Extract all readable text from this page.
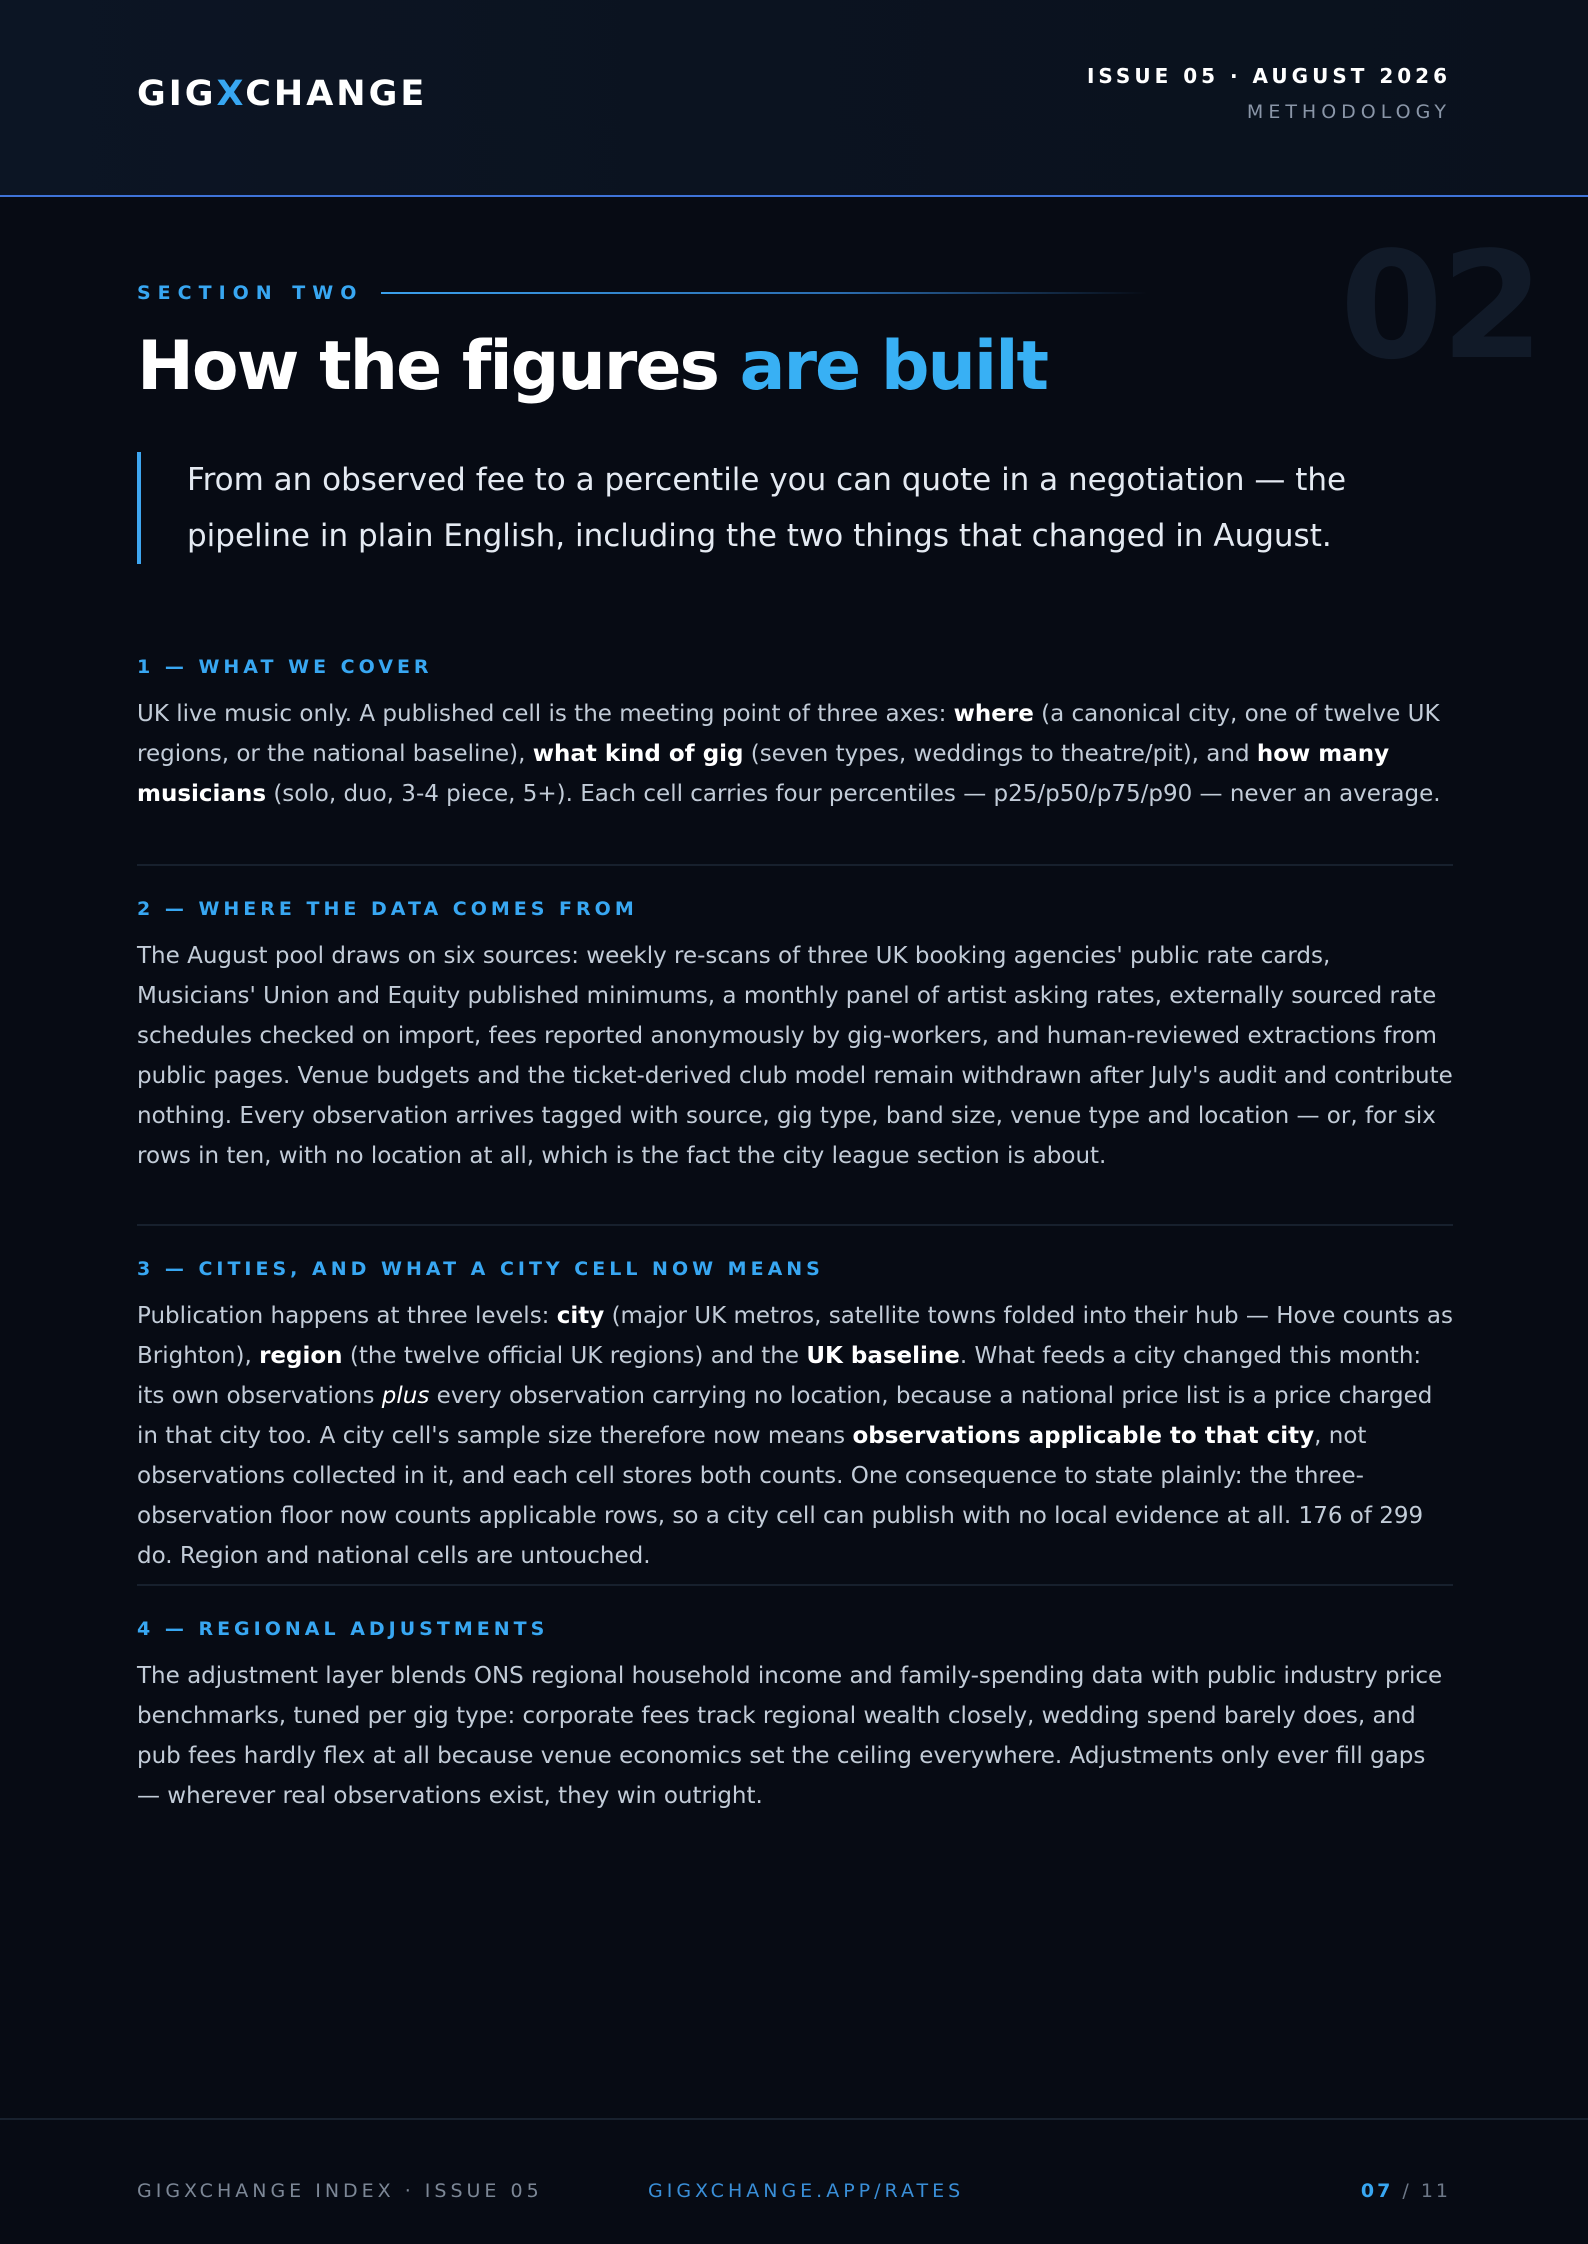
GIGXCHANGE	ISSUE 05 · AUGUST 2026
METHODOLOGY
02
SECTION TWO
How the figures are built
From an observed fee to a percentile you can quote in a negotiation — the pipeline in plain English, including the two things that changed in August.
1 — WHAT WE COVER

UK live music only. A published cell is the meeting point of three axes: where (a canonical city, one of twelve UK regions, or the national baseline), what kind of gig (seven types, weddings to theatre/pit), and how many musicians (solo, duo, 3-4 piece, 5+). Each cell carries four percentiles — p25/p50/p75/p90 — never an average.

2 — WHERE THE DATA COMES FROM

The August pool draws on six sources: weekly re-scans of three UK booking agencies' public rate cards, Musicians' Union and Equity published minimums, a monthly panel of artist asking rates, externally sourced rate schedules checked on import, fees reported anonymously by gig-workers, and human-reviewed extractions from public pages. Venue budgets and the ticket-derived club model remain withdrawn after July's audit and contribute nothing. Every observation arrives tagged with source, gig type, band size, venue type and location — or, for six rows in ten, with no location at all, which is the fact the city league section is about.

3 — CITIES, AND WHAT A CITY CELL NOW MEANS

Publication happens at three levels: city (major UK metros, satellite towns folded into their hub — Hove counts as Brighton), region (the twelve official UK regions) and the UK baseline. What feeds a city changed this month: its own observations plus every observation carrying no location, because a national price list is a price charged in that city too. A city cell's sample size therefore now means observations applicable to that city, not observations collected in it, and each cell stores both counts. One consequence to state plainly: the three-observation floor now counts applicable rows, so a city cell can publish with no local evidence at all. 176 of 299 do. Region and national cells are untouched.

4 — REGIONAL ADJUSTMENTS

The adjustment layer blends ONS regional household income and family-spending data with public industry price benchmarks, tuned per gig type: corporate fees track regional wealth closely, wedding spend barely does, and pub fees hardly flex at all because venue economics set the ceiling everywhere. Adjustments only ever fill gaps — wherever real observations exist, they win outright.

GIGXCHANGE INDEX · ISSUE 05	GIGXCHANGE.APP/RATES	07 / 11
